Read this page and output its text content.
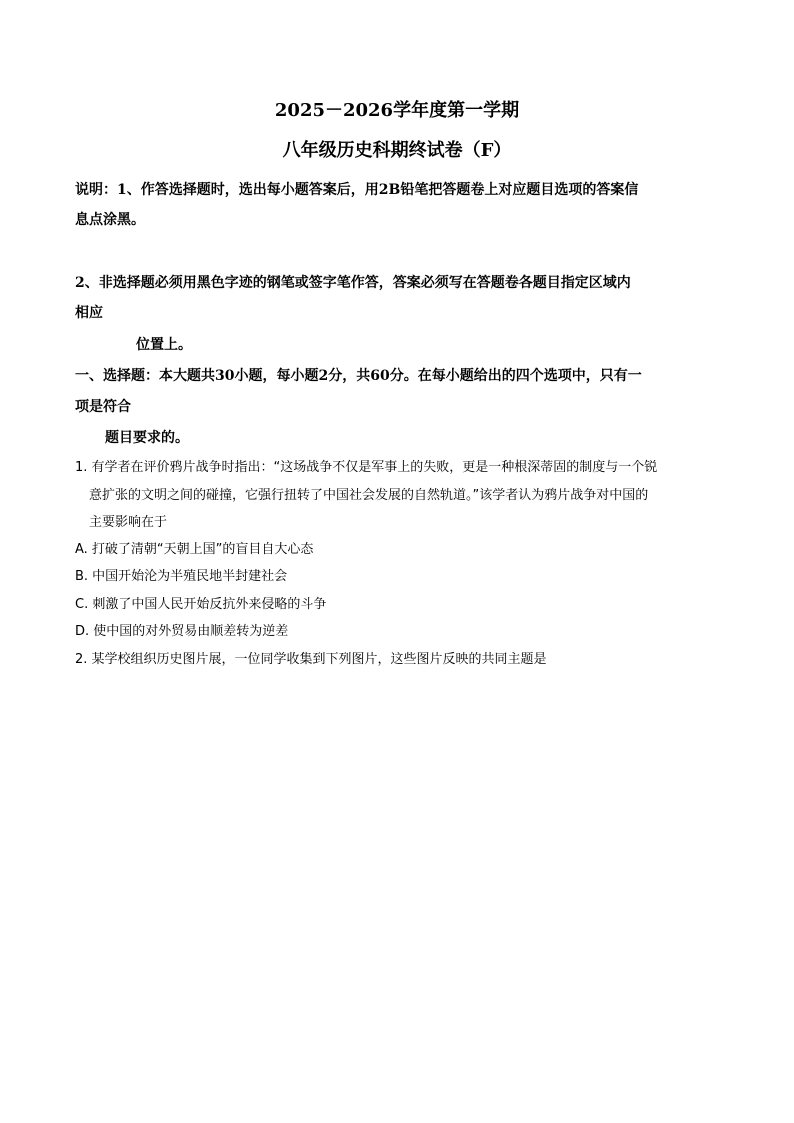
2025－2026学年度第一学期
八年级历史科期终试卷（F）
说明：1、作答选择题时，选出每小题答案后，用2B铅笔把答题卷上对应题目选项的答案信
息点涂黑。
2、非选择题必须用黑色字迹的钢笔或签字笔作答，答案必须写在答题卷各题目指定区域内
相应
位置上。
一、选择题：本大题共30小题，每小题2分，共60分。在每小题给出的四个选项中，只有一
项是符合
题目要求的。
1. 有学者在评价鸦片战争时指出：“这场战争不仅是军事上的失败，更是一种根深蒂固的制度与一个锐
意扩张的文明之间的碰撞，它强行扭转了中国社会发展的自然轨道。”该学者认为鸦片战争对中国的
主要影响在于
A. 打破了清朝“天朝上国”的盲目自大心态
B. 中国开始沦为半殖民地半封建社会
C. 刺激了中国人民开始反抗外来侵略的斗争
D. 使中国的对外贸易由顺差转为逆差
2. 某学校组织历史图片展，一位同学收集到下列图片，这些图片反映的共同主题是
